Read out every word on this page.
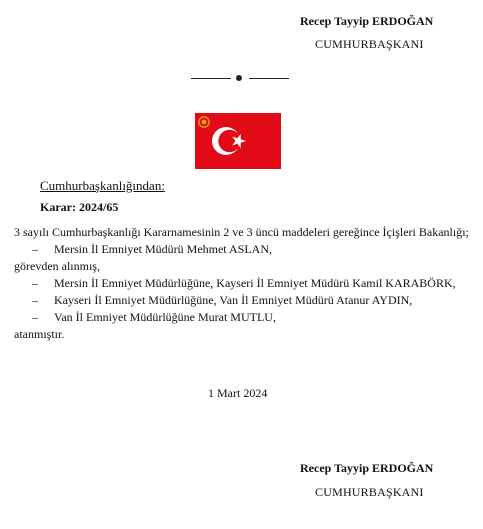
Recep Tayyip ERDOĞAN
CUMHURBAŞKANI
Cumhurbaşkanlığından:
Karar: 2024/65

3 sayılı Cumhurbaşkanlığı Kararnamesinin 2 ve 3 üncü maddeleri gereğince İçişleri Bakanlığı;

– Mersin İl Emniyet Müdürü Mehmet ASLAN,

görevden alınmış,

– Mersin İl Emniyet Müdürlüğüne, Kayseri İl Emniyet Müdürü Kamil KARABÖRK,

– Kayseri İl Emniyet Müdürlüğüne, Van İl Emniyet Müdürü Atanur AYDIN,

– Van İl Emniyet Müdürlüğüne Murat MUTLU,

atanmıştır.

1 Mart 2024
Recep Tayyip ERDOĞAN
CUMHURBAŞKANI
